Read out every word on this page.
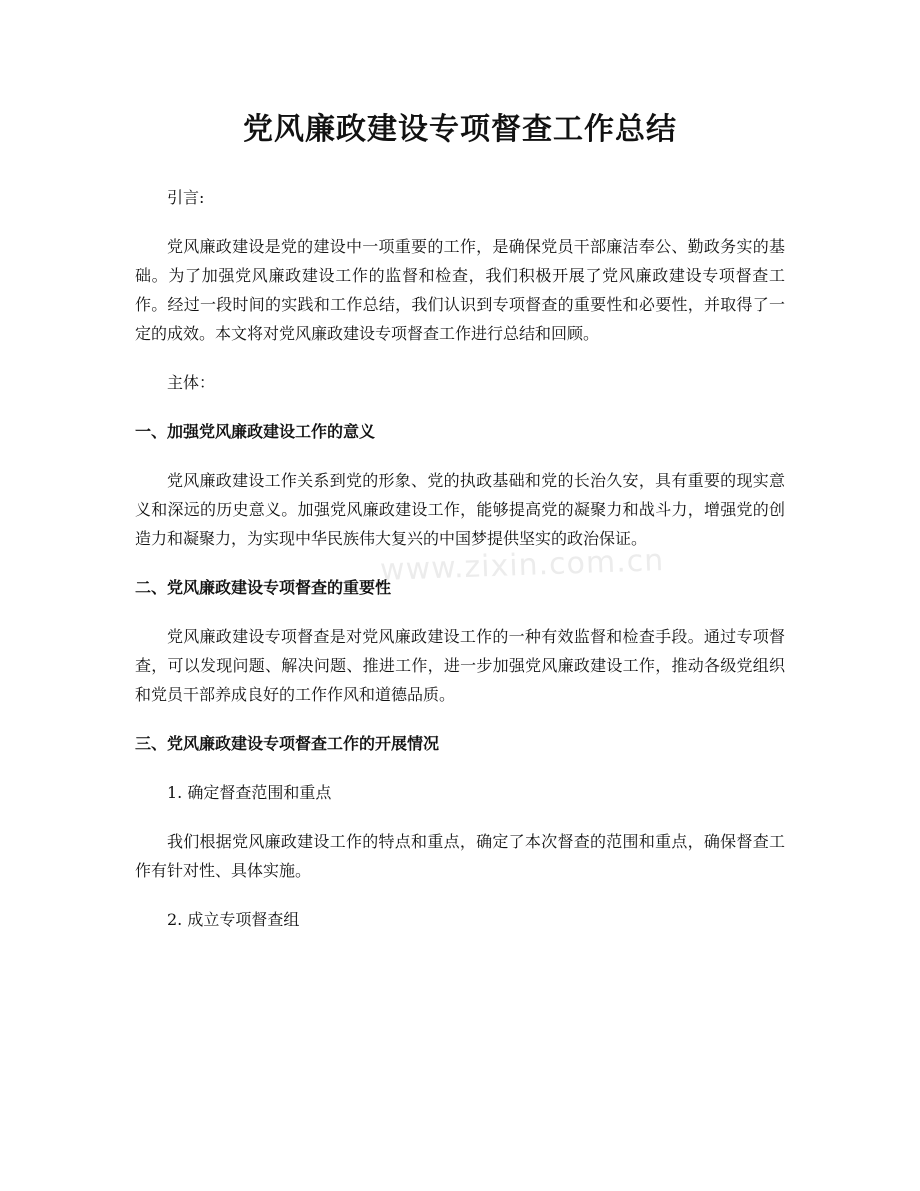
党风廉政建设专项督查工作总结

引言:

党风廉政建设是党的建设中一项重要的工作，是确保党员干部廉洁奉公、勤政务实的基础。为了加强党风廉政建设工作的监督和检查，我们积极开展了党风廉政建设专项督查工作。经过一段时间的实践和工作总结，我们认识到专项督查的重要性和必要性，并取得了一定的成效。本文将对党风廉政建设专项督查工作进行总结和回顾。

主体：

一、加强党风廉政建设工作的意义

党风廉政建设工作关系到党的形象、党的执政基础和党的长治久安，具有重要的现实意义和深远的历史意义。加强党风廉政建设工作，能够提高党的凝聚力和战斗力，增强党的创造力和凝聚力，为实现中华民族伟大复兴的中国梦提供坚实的政治保证。

二、党风廉政建设专项督查的重要性

党风廉政建设专项督查是对党风廉政建设工作的一种有效监督和检查手段。通过专项督查，可以发现问题、解决问题、推进工作，进一步加强党风廉政建设工作，推动各级党组织和党员干部养成良好的工作作风和道德品质。

三、党风廉政建设专项督查工作的开展情况

1. 确定督查范围和重点

我们根据党风廉政建设工作的特点和重点，确定了本次督查的范围和重点，确保督查工作有针对性、具体实施。

2. 成立专项督查组

www.zixin.com.cn
